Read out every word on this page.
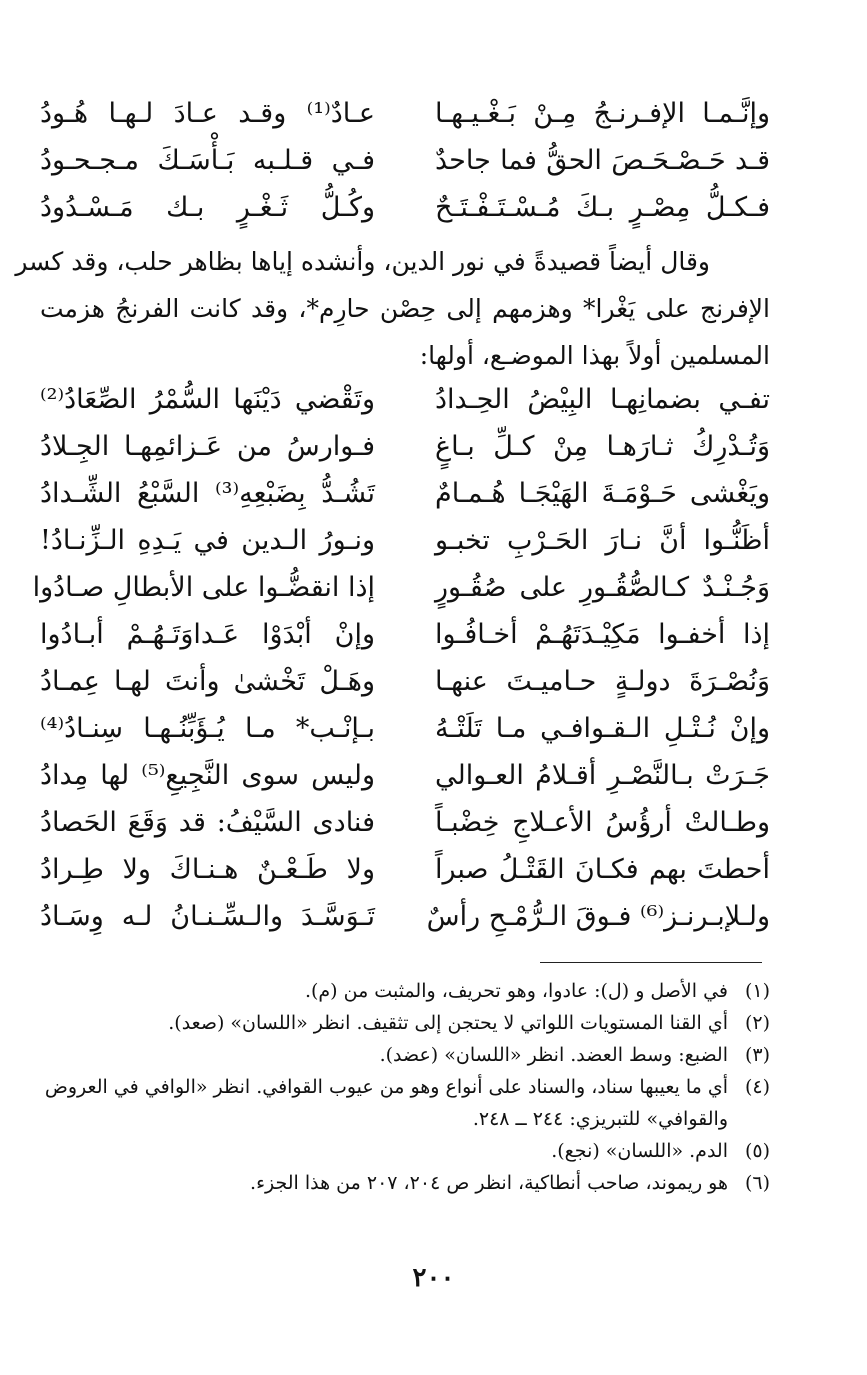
وإنَّـمـا الإفـرنـجُ مِـنْ بَـغْـيـهـا
عـادٌ⁽¹⁾ وقـد عـادَ لـهـا هُـودُ
قـد حَـصْـحَـصَ الحقُّ فما جاحدٌ
فـي قـلـبه بَـأْسَـكَ مـجـحـودُ
فـكـلُّ مِصْـرٍ بـكَ مُـسْـتَـفْـتَـحٌ
وكُـلُّ ثَـغْـرٍ بـك مَـسْـدُودُ
وقال أيضاً قصيدةً في نور الدين، وأنشده إياها بظاهر حلب، وقد كسر
الإفرنج على يَغْرا* وهزمهم إلى حِصْن حارِم*، وقد كانت الفرنجُ هزمت
المسلمين أولاً بهذا الموضـع، أولها:
تفـي بضمانِهـا البِيْضُ الحِـدادُ
وتَقْضي دَيْنَها السُّمْرُ الصِّعَادُ⁽²⁾
وَتُـدْرِكُ ثـارَهـا مِنْ كـلِّ بـاغٍ
فـوارسُ من عَـزائمِهـا الجِـلادُ
ويَغْشى حَـوْمَـةَ الهَيْجَـا هُـمـامٌ
تَشُـدُّ بِضَبْعِهِ⁽³⁾ السَّبْعُ الشِّـدادُ
أظَنُّـوا أنَّ نـارَ الحَـرْبِ تخبـو
ونـورُ الـدين في يَـدِهِ الـزِّنـادُ!
وَجُـنْـدٌ كـالصُّقُـورِ على صُقُـورٍ
إذا انقضُّـوا على الأبطالِ صـادُوا
إذا أخفـوا مَكِيْـدَتَهُـمْ أخـافُـوا
وإنْ أبْدَوْا عَـداوَتَـهُـمْ أبـادُوا
وَنُصْـرَةَ دولـةٍ حـاميـتَ عنهـا
وهَـلْ تَخْشىٰ وأنتَ لهـا عِمـادُ
وإنْ نُـتْـلِ الـقـوافـي مـا تَلَتْـهُ
بـإنْـب* مـا يُـؤَبِّنُـهـا سِنـادُ⁽⁴⁾
جَـرَتْ بـالنَّصْـرِ أقـلامُ العـوالي
وليس سوى النَّجِيعِ⁽⁵⁾ لها مِدادُ
وطـالتْ أرؤُسُ الأعـلاجِ خِضْبـاً
فنادى السَّيْفُ: قد وَقَعَ الحَصادُ
أحطتَ بهم فكـانَ القَتْـلُ صبراً
ولا طَـعْـنٌ هـنـاكَ ولا طِـرادُ
ولـلإبـرنـز⁽⁶⁾ فـوقَ الـرُّمْـحِ رأسٌ
تَـوَسَّـدَ والـسِّـنـانُ لـه وِسَـادُ
(١)
في الأصل و (ل): عادوا، وهو تحريف، والمثبت من (م).
(٢)
أي القنا المستويات اللواتي لا يحتجن إلى تثقيف. انظر «اللسان» (صعد).
(٣)
الضبع: وسط العضد. انظر «اللسان» (عضد).
(٤)
أي ما يعيبها سناد، والسناد على أنواع وهو من عيوب القوافي. انظر «الوافي في العروض والقوافي» للتبريزي: ٢٤٤ ــ ٢٤٨.
(٥)
الدم. «اللسان» (نجع).
(٦)
هو ريموند، صاحب أنطاكية، انظر ص ٢٠٤، ٢٠٧ من هذا الجزء.
٢٠٠
